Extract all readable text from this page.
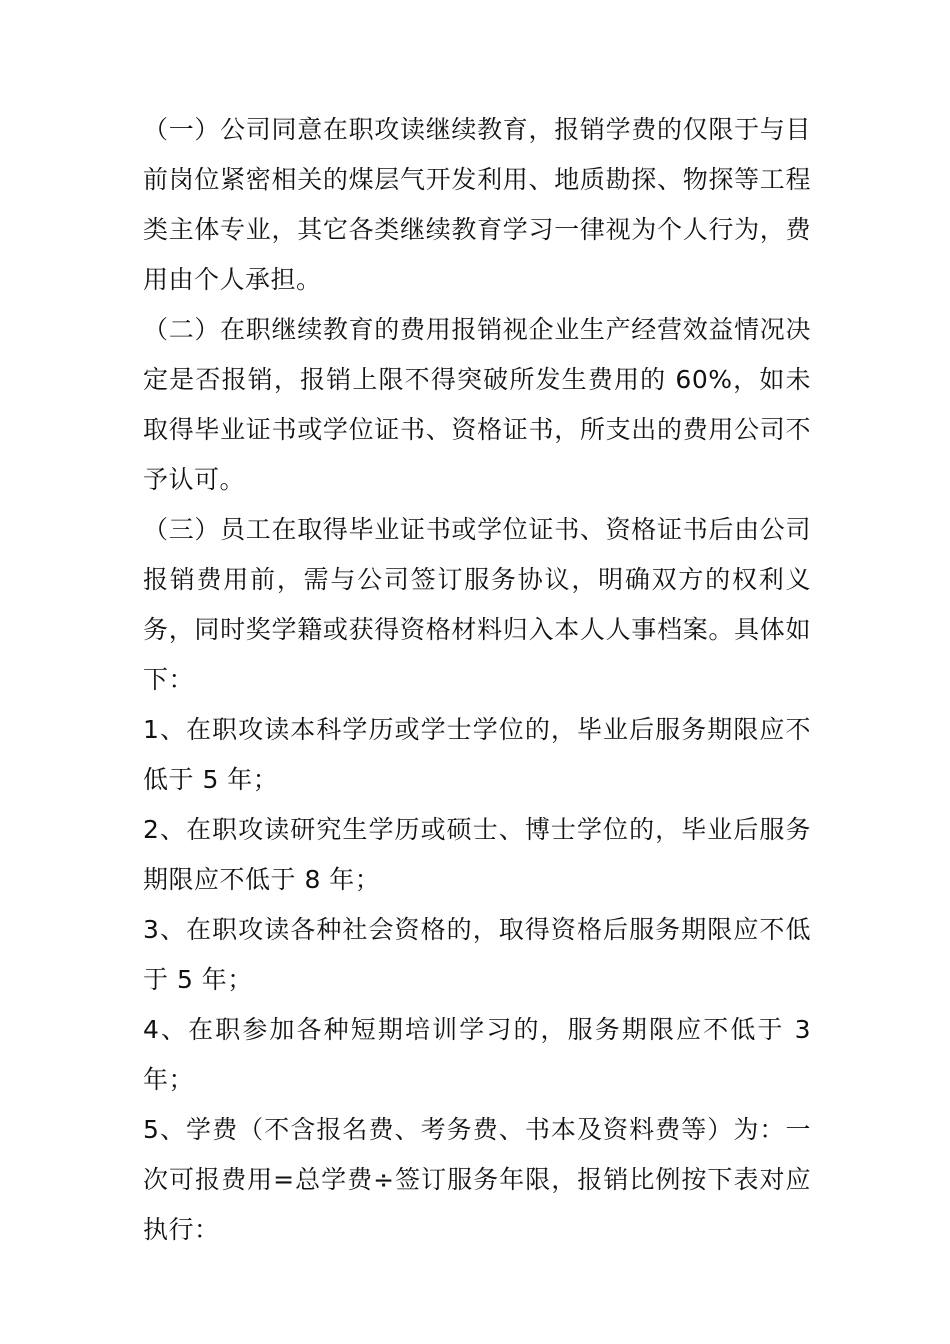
（一）公司同意在职攻读继续教育，报销学费的仅限于与目前岗位紧密相关的煤层气开发利用、地质勘探、物探等工程类主体专业，其它各类继续教育学习一律视为个人行为，费用由个人承担。

（二）在职继续教育的费用报销视企业生产经营效益情况决定是否报销，报销上限不得突破所发生费用的 60%，如未取得毕业证书或学位证书、资格证书，所支出的费用公司不予认可。

（三）员工在取得毕业证书或学位证书、资格证书后由公司报销费用前，需与公司签订服务协议，明确双方的权利义务，同时奖学籍或获得资格材料归入本人人事档案。具体如下：

1、在职攻读本科学历或学士学位的，毕业后服务期限应不低于 5 年；

2、在职攻读研究生学历或硕士、博士学位的，毕业后服务期限应不低于 8 年；

3、在职攻读各种社会资格的，取得资格后服务期限应不低于 5 年；

4、在职参加各种短期培训学习的，服务期限应不低于 3 年；

5、学费（不含报名费、考务费、书本及资料费等）为：一次可报费用=总学费÷签订服务年限，报销比例按下表对应执行：
